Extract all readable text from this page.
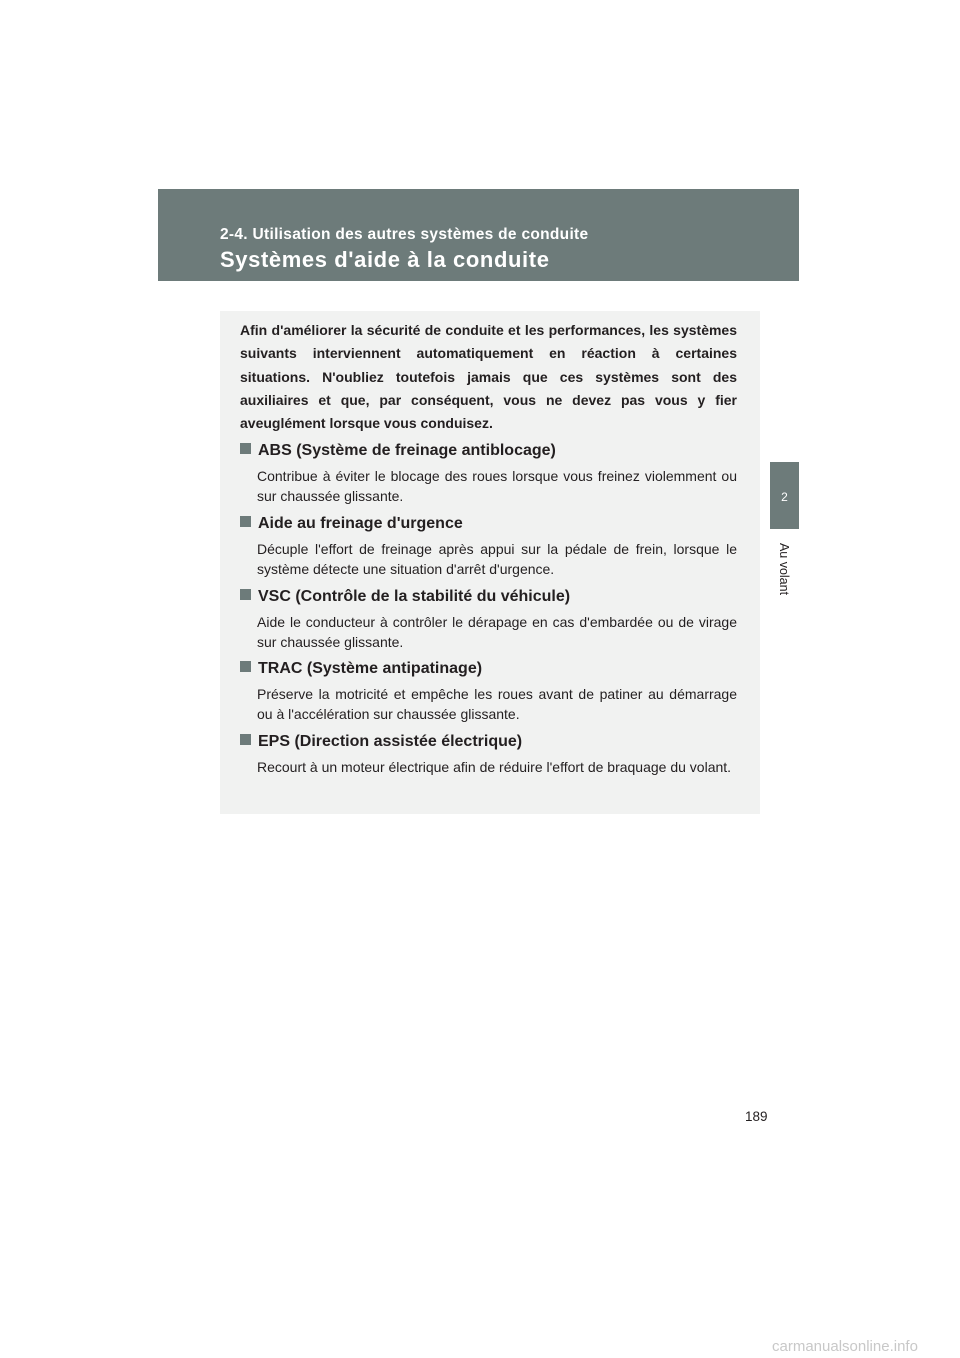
2-4. Utilisation des autres systèmes de conduite
Systèmes d'aide à la conduite
2
Au volant

Afin d'améliorer la sécurité de conduite et les performances, les systèmes suivants interviennent automatiquement en réaction à certaines situations. N'oubliez toutefois jamais que ces systèmes sont des auxiliaires et que, par conséquent, vous ne devez pas vous y fier aveuglément lorsque vous conduisez.

ABS (Système de freinage antiblocage)

Contribue à éviter le blocage des roues lorsque vous freinez violemment ou sur chaussée glissante.

Aide au freinage d'urgence

Décuple l'effort de freinage après appui sur la pédale de frein, lorsque le système détecte une situation d'arrêt d'urgence.

VSC (Contrôle de la stabilité du véhicule)

Aide le conducteur à contrôler le dérapage en cas d'embardée ou de virage sur chaussée glissante.

TRAC (Système antipatinage)

Préserve la motricité et empêche les roues avant de patiner au démarrage ou à l'accélération sur chaussée glissante.

EPS (Direction assistée électrique)

Recourt à un moteur électrique afin de réduire l'effort de braquage du volant.

189
carmanualsonline.info
